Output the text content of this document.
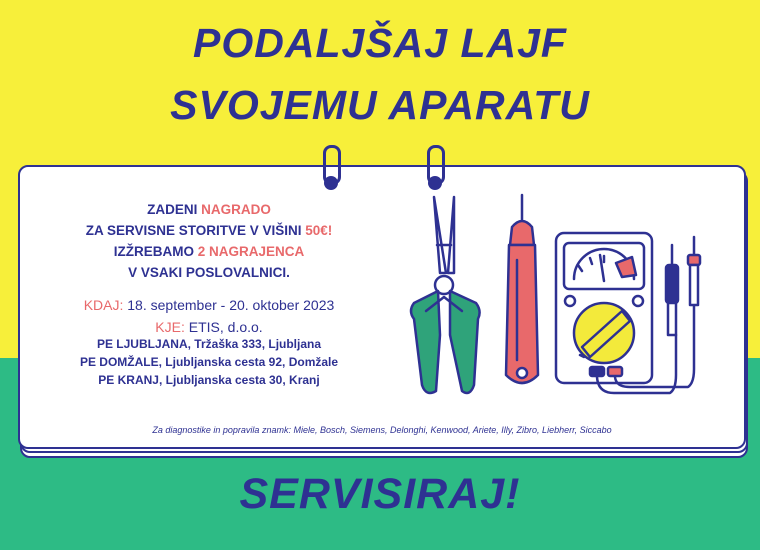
PODALJŠAJ LAJF
SVOJEMU APARATU

ZADENI NAGRADO

ZA SERVISNE STORITVE V VIŠINI 50€!

IZŽREBAMO 2 NAGRAJENCA

V VSAKI POSLOVALNICI.

KDAJ: 18. september - 20. oktober 2023

KJE: ETIS, d.o.o.

PE LJUBLJANA, Tržaška 333, Ljubljana

PE DOMŽALE, Ljubljanska cesta 92, Domžale

PE KRANJ, Ljubljanska cesta 30, Kranj

Za diagnostike in popravila znamk: Miele, Bosch, Siemens, Delonghi, Kenwood, Ariete, Illy, Zibro, Liebherr, Siccabo
SERVISIRAJ!
